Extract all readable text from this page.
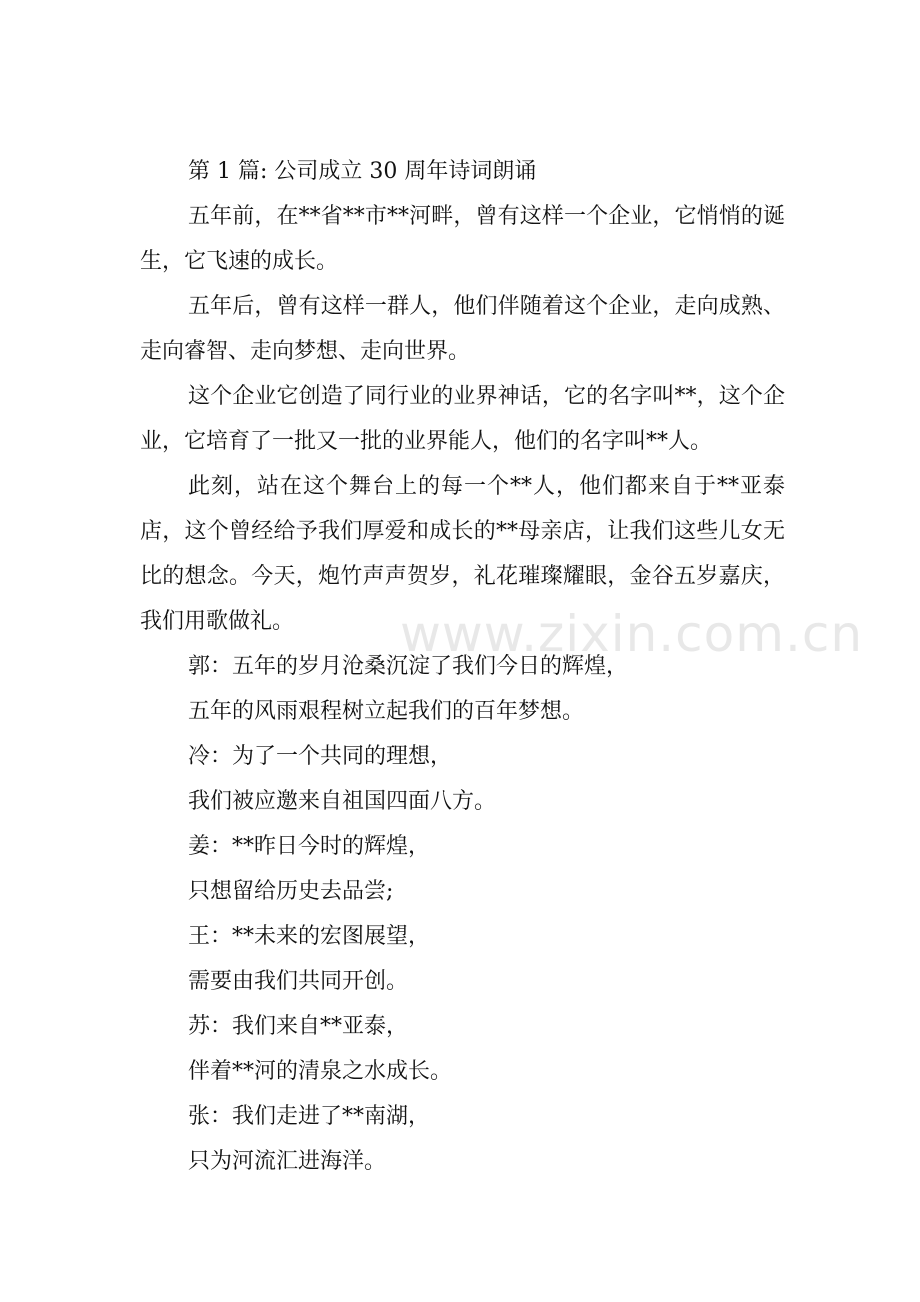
第 1 篇: 公司成立 30 周年诗词朗诵

五年前，在**省**市**河畔，曾有这样一个企业，它悄悄的诞生，它飞速的成长。

五年后，曾有这样一群人，他们伴随着这个企业，走向成熟、走向睿智、走向梦想、走向世界。

这个企业它创造了同行业的业界神话，它的名字叫**，这个企业，它培育了一批又一批的业界能人，他们的名字叫**人。

此刻，站在这个舞台上的每一个**人，他们都来自于**亚泰店，这个曾经给予我们厚爱和成长的**母亲店，让我们这些儿女无比的想念。今天，炮竹声声贺岁，礼花璀璨耀眼，金谷五岁嘉庆，我们用歌做礼。

郭：五年的岁月沧桑沉淀了我们今日的辉煌，
五年的风雨艰程树立起我们的百年梦想。
冷：为了一个共同的理想，
我们被应邀来自祖国四面八方。
姜：**昨日今时的辉煌，
只想留给历史去品尝;
王：**未来的宏图展望，
需要由我们共同开创。
苏：我们来自**亚泰，
伴着**河的清泉之水成长。
张：我们走进了**南湖，
只为河流汇进海洋。
www.zixin.com.cn
